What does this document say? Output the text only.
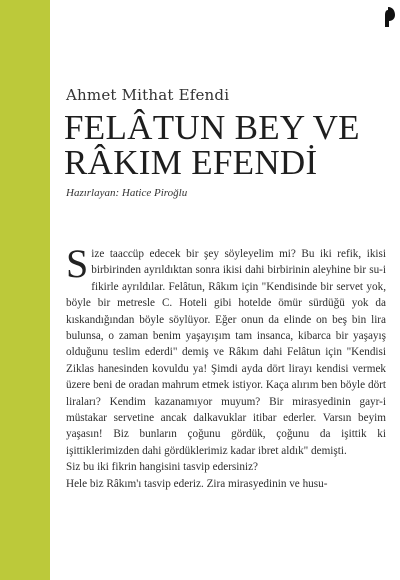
Ahmet Mithat Efendi
FELÂTUN BEY VE
RÂKIM EFENDİ
Hazırlayan: Hatice Piroğlu

Size taaccüp edecek bir şey söyleyelim mi? Bu iki refik, ikisi birbirinden ayrıldıktan sonra ikisi dahi birbirinin aleyhine bir su-i fikirle ayrıldılar. Felâtun, Râkım için "Kendisinde bir servet yok, böyle bir metresle C. Hoteli gibi hotelde ömür sürdüğü yok da kıskandığından böyle söylüyor. Eğer onun da elinde on beş bin lira bulunsa, o zaman benim yaşayışım tam insanca, kibarca bir yaşayış olduğunu teslim ederdi" demiş ve Râkım dahi Felâtun için "Kendisi Ziklas hanesinden kovuldu ya! Şimdi ayda dört lirayı kendisi vermek üzere beni de oradan mahrum etmek istiyor. Kaça alırım ben böyle dört liraları? Kendim kazanamıyor muyum? Bir mirasyedinin gayr-i müstakar servetine ancak dalkavuklar itibar ederler. Varsın beyim yaşasın! Biz bunların çoğunu gördük, çoğunu da işittik ki işittiklerimizden dahi gördüklerimiz kadar ibret aldık" demişti.

Siz bu iki fikrin hangisini tasvip edersiniz?

Hele biz Râkım'ı tasvip ederiz. Zira mirasyedinin ve husu-
